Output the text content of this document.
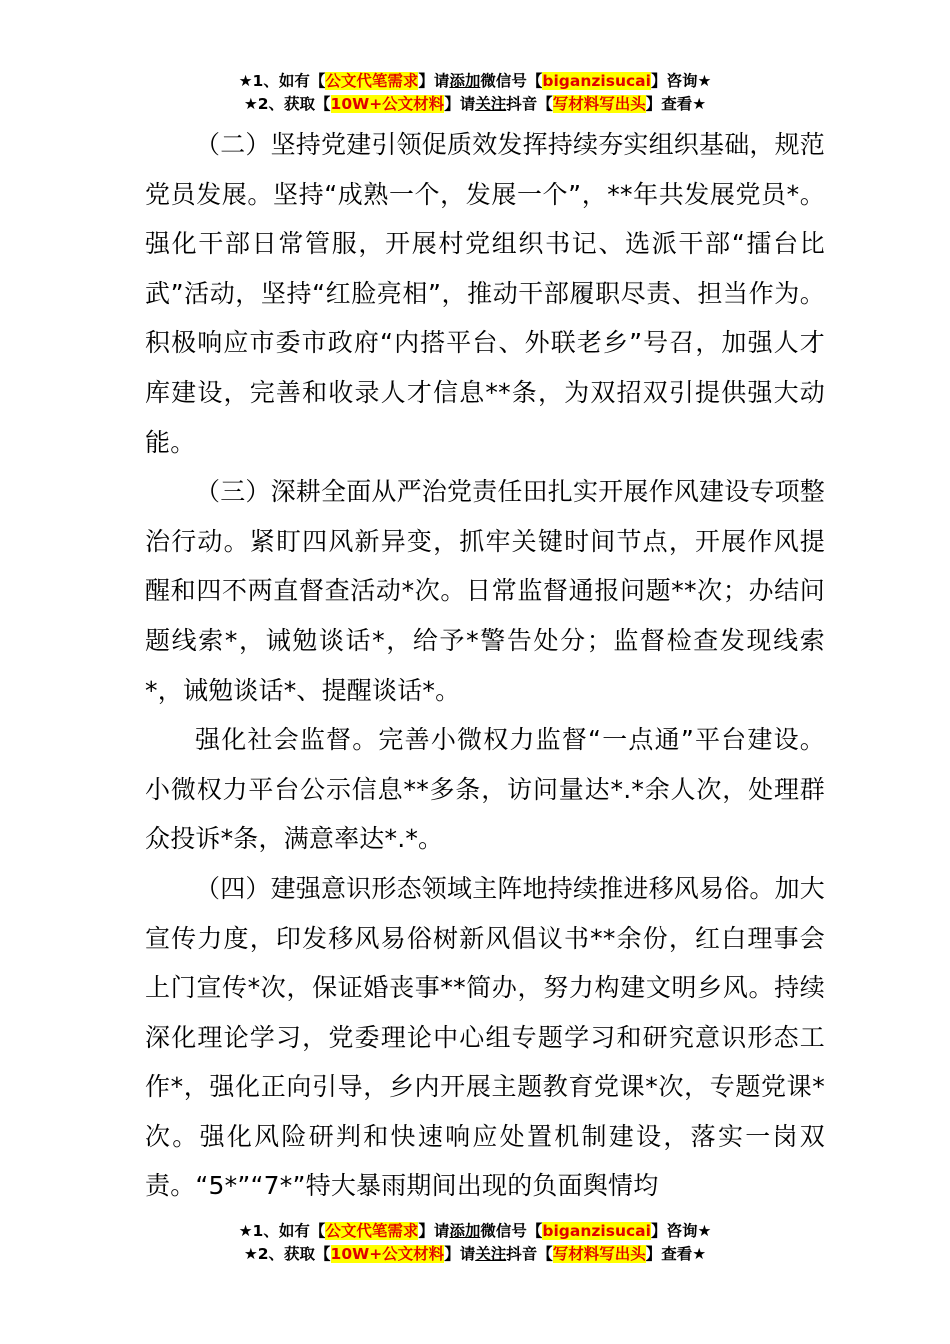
★1、如有【公文代笔需求】请添加微信号【biganzisucai】咨询★
★2、获取【10W+公文材料】请关注抖音【写材料写出头】查看★

（二）坚持党建引领促质效发挥持续夯实组织基础，规范党员发展。坚持“成熟一个，发展一个”，**年共发展党员*。强化干部日常管服，开展村党组织书记、选派干部“擂台比武”活动，坚持“红脸亮相”，推动干部履职尽责、担当作为。积极响应市委市政府“内搭平台、外联老乡”号召，加强人才库建设，完善和收录人才信息**条，为双招双引提供强大动能。

（三）深耕全面从严治党责任田扎实开展作风建设专项整治行动。紧盯四风新异变，抓牢关键时间节点，开展作风提醒和四不两直督查活动*次。日常监督通报问题**次；办结问题线索*，诫勉谈话*，给予*警告处分；监督检查发现线索*，诫勉谈话*、提醒谈话*。

强化社会监督。完善小微权力监督“一点通”平台建设。小微权力平台公示信息**多条，访问量达*.*余人次，处理群众投诉*条，满意率达*.*。

（四）建强意识形态领域主阵地持续推进移风易俗。加大宣传力度，印发移风易俗树新风倡议书**余份，红白理事会上门宣传*次，保证婚丧事**简办，努力构建文明乡风。持续深化理论学习，党委理论中心组专题学习和研究意识形态工作*，强化正向引导，乡内开展主题教育党课*次，专题党课*次。强化风险研判和快速响应处置机制建设，落实一岗双责。“5*”“7*”特大暴雨期间出现的负面舆情均

★1、如有【公文代笔需求】请添加微信号【biganzisucai】咨询★
★2、获取【10W+公文材料】请关注抖音【写材料写出头】查看★
